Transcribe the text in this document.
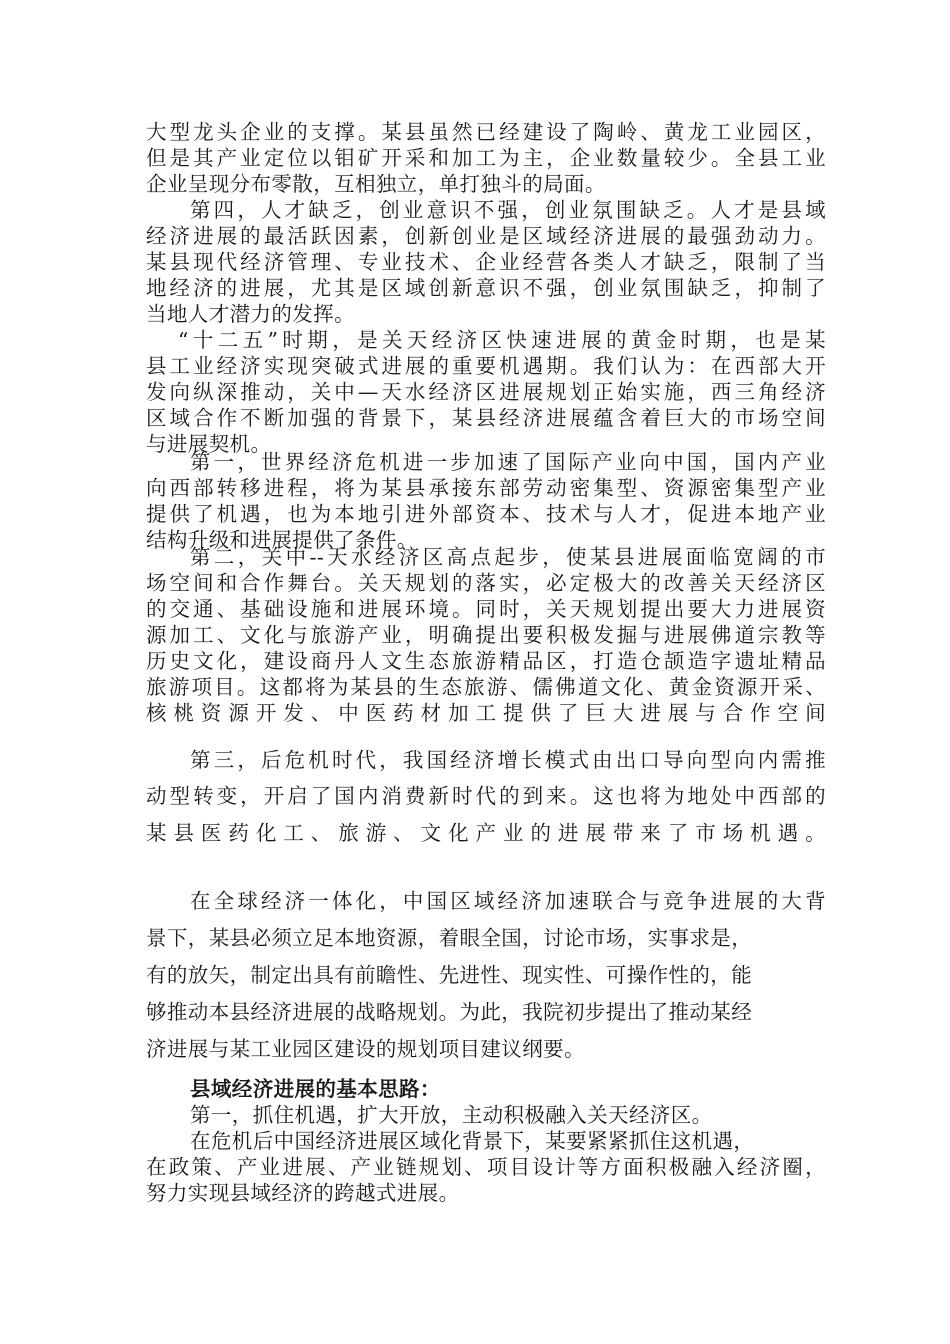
大型龙头企业的支撑。某县虽然已经建设了陶岭、黄龙工业园区，
但是其产业定位以钼矿开采和加工为主，企业数量较少。全县工业
企业呈现分布零散，互相独立，单打独斗的局面。
第四，人才缺乏，创业意识不强，创业氛围缺乏。人才是县域
经济进展的最活跃因素，创新创业是区域经济进展的最强劲动力。
某县现代经济管理、专业技术、企业经营各类人才缺乏，限制了当
地经济的进展，尤其是区域创新意识不强，创业氛围缺乏，抑制了
当地人才潜力的发挥。
“十二五”时期，是关天经济区快速进展的黄金时期，也是某
县工业经济实现突破式进展的重要机遇期。我们认为：在西部大开
发向纵深推动，关中—天水经济区进展规划正始实施，西三角经济
区域合作不断加强的背景下，某县经济进展蕴含着巨大的市场空间
与进展契机。
第一，世界经济危机进一步加速了国际产业向中国，国内产业
向西部转移进程，将为某县承接东部劳动密集型、资源密集型产业
提供了机遇，也为本地引进外部资本、技术与人才，促进本地产业
结构升级和进展提供了条件。
第二，关中--天水经济区高点起步，使某县进展面临宽阔的市
场空间和合作舞台。关天规划的落实，必定极大的改善关天经济区
的交通、基础设施和进展环境。同时，关天规划提出要大力进展资
源加工、文化与旅游产业，明确提出要积极发掘与进展佛道宗教等
历史文化，建设商丹人文生态旅游精品区，打造仓颉造字遗址精品
旅游项目。这都将为某县的生态旅游、儒佛道文化、黄金资源开采、
核桃资源开发、中医药材加工提供了巨大进展与合作空间
第三，后危机时代，我国经济增长模式由出口导向型向内需推
动型转变，开启了国内消费新时代的到来。这也将为地处中西部的
某县医药化工、旅游、文化产业的进展带来了市场机遇。
在全球经济一体化，中国区域经济加速联合与竞争进展的大背
景下，某县必须立足本地资源，着眼全国，讨论市场，实事求是，
有的放矢，制定出具有前瞻性、先进性、现实性、可操作性的，能
够推动本县经济进展的战略规划。为此，我院初步提出了推动某经
济进展与某工业园区建设的规划项目建议纲要。
县域经济进展的基本思路：
第一，抓住机遇，扩大开放，主动积极融入关天经济区。
在危机后中国经济进展区域化背景下，某要紧紧抓住这机遇，
在政策、产业进展、产业链规划、项目设计等方面积极融入经济圈，
努力实现县域经济的跨越式进展。
